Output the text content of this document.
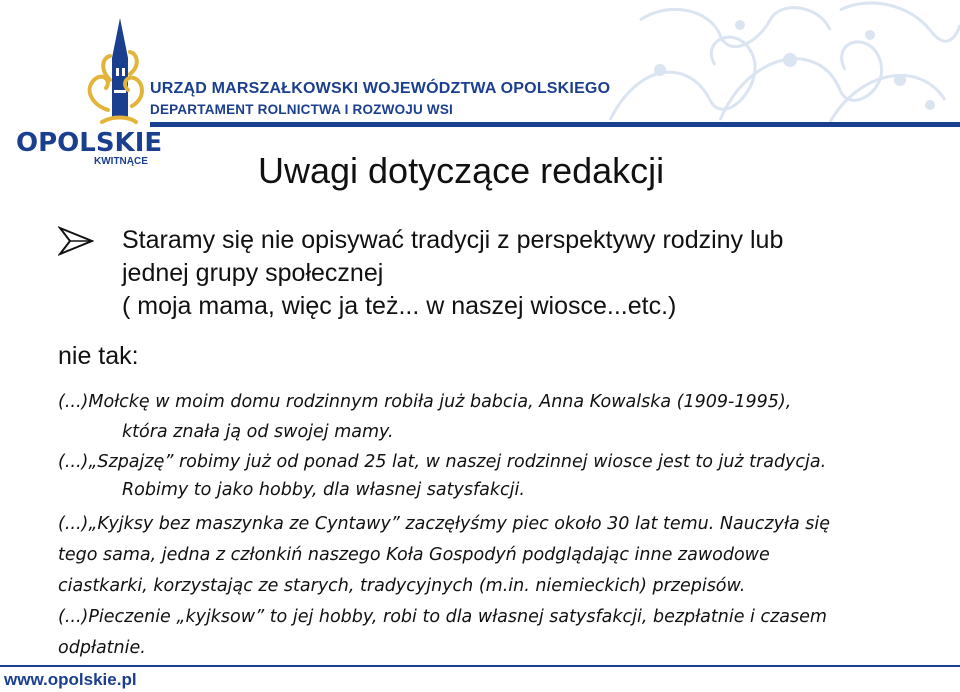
OPOLSKIE
KWITNĄCE
URZĄD MARSZAŁKOWSKI WOJEWÓDZTWA OPOLSKIEGO
DEPARTAMENT ROLNICTWA I ROZWOJU WSI
Uwagi dotyczące redakcji
Staramy się nie opisywać tradycji z perspektywy rodziny lub
jednej grupy społecznej
( moja mama, więc ja też... w naszej wiosce...etc.)
nie tak:
(...)Mołckę w moim domu rodzinnym robiła już babcia, Anna Kowalska (1909-1995),
która znała ją od swojej mamy.
(...)„Szpajzę” robimy już od ponad 25 lat, w naszej rodzinnej wiosce jest to już tradycja.
Robimy to jako hobby, dla własnej satysfakcji.
(...)„Kyjksy bez maszynka ze Cyntawy” zaczęłyśmy piec około 30 lat temu. Nauczyła się
tego sama, jedna z członkiń naszego Koła Gospodyń podglądając inne zawodowe
ciastkarki, korzystając ze starych, tradycyjnych (m.in. niemieckich) przepisów.
(...)Pieczenie „kyjksow” to jej hobby, robi to dla własnej satysfakcji, bezpłatnie i czasem
odpłatnie.
www.opolskie.pl
